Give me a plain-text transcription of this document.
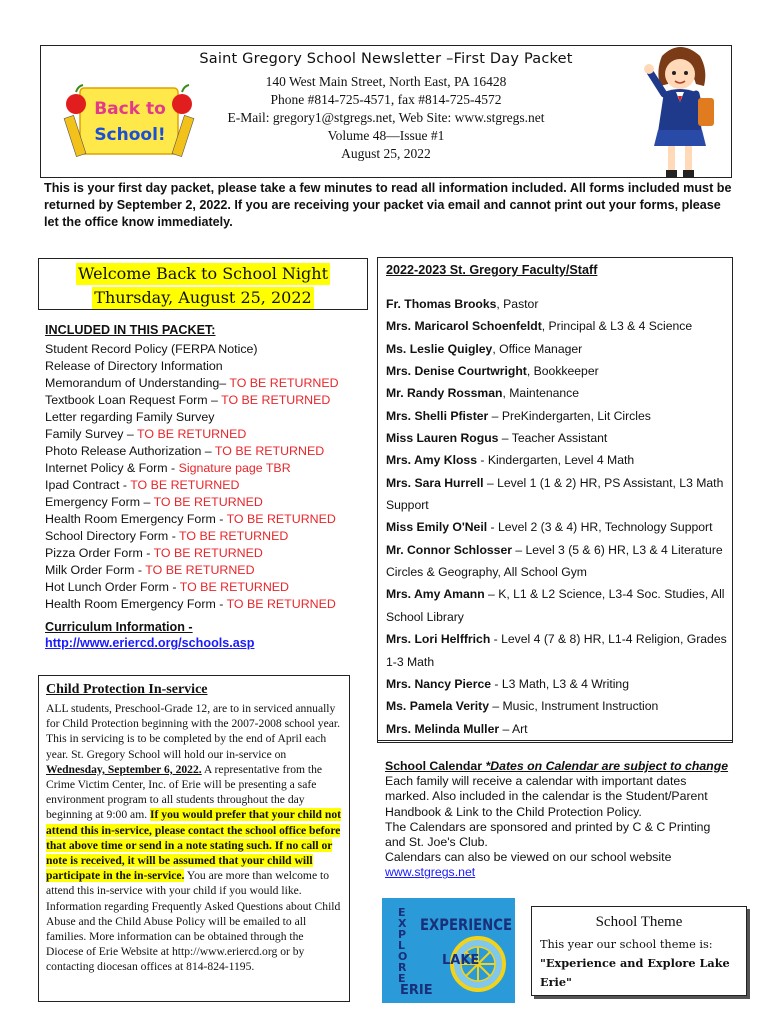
Saint Gregory School Newsletter –First Day Packet
140 West Main Street, North East, PA 16428
Phone #814-725-4571, fax #814-725-4572
E-Mail: gregory1@stgregs.net, Web Site: www.stgregs.net
Volume 48—Issue #1
August 25, 2022
Back to
School!
This is your first day packet, please take a few minutes to read all information included. All forms included must be returned by September 2, 2022. If you are receiving your packet via email and cannot print out your forms, please let the office know immediately.
Welcome Back to School Night
Thursday, August 25, 2022
INCLUDED IN THIS PACKET:
Student Record Policy (FERPA Notice)
Release of Directory Information
Memorandum of Understanding– TO BE RETURNED
Textbook Loan Request Form – TO BE RETURNED
Letter regarding Family Survey
Family Survey – TO BE RETURNED
Photo Release Authorization – TO BE RETURNED
Internet Policy & Form - Signature page TBR
Ipad Contract - TO BE RETURNED
Emergency Form – TO BE RETURNED
Health Room Emergency Form - TO BE RETURNED
School Directory Form - TO BE RETURNED
Pizza Order Form - TO BE RETURNED
Milk Order Form - TO BE RETURNED
Hot Lunch Order Form - TO BE RETURNED
Health Room Emergency Form - TO BE RETURNED
Curriculum Information -
http://www.eriercd.org/schools.asp
Child Protection In-service
ALL students, Preschool-Grade 12, are to in serviced annually for Child Protection beginning with the 2007-2008 school year. This in servicing is to be completed by the end of April each year. St. Gregory School will hold our in-service on Wednesday, September 6, 2022. A representative from the Crime Victim Center, Inc. of Erie will be presenting a safe environment program to all students throughout the day beginning at 9:00 am. If you would prefer that your child not attend this in-service, please contact the school office before that above time or send in a note stating such. If no call or note is received, it will be assumed that your child will participate in the in-service. You are more than welcome to attend this in-service with your child if you would like.
Information regarding Frequently Asked Questions about Child Abuse and the Child Abuse Policy will be emailed to all families. More information can be obtained through the Diocese of Erie Website at http://www.eriercd.org or by contacting diocesan offices at 814-824-1195.
2022-2023 St. Gregory Faculty/Staff
Fr. Thomas Brooks, Pastor
Mrs. Maricarol Schoenfeldt, Principal & L3 & 4 Science
Ms. Leslie Quigley, Office Manager
Mrs. Denise Courtwright, Bookkeeper
Mr. Randy Rossman, Maintenance
Mrs. Shelli Pfister – PreKindergarten, Lit Circles
Miss Lauren Rogus – Teacher Assistant
Mrs. Amy Kloss - Kindergarten, Level 4 Math
Mrs. Sara Hurrell – Level 1 (1 & 2) HR, PS Assistant, L3 Math Support
Miss Emily O'Neil - Level 2 (3 & 4) HR, Technology Support
Mr. Connor Schlosser – Level 3 (5 & 6) HR, L3 & 4 Literature Circles & Geography, All School Gym
Mrs. Amy Amann – K, L1 & L2 Science, L3-4 Soc. Studies, All School Library
Mrs. Lori Helffrich - Level 4 (7 & 8) HR, L1-4 Religion, Grades 1-3 Math
Mrs. Nancy Pierce - L3 Math, L3 & 4 Writing
Ms. Pamela Verity – Music, Instrument Instruction
Mrs. Melinda Muller – Art
School Calendar *Dates on Calendar are subject to change
Each family will receive a calendar with important dates marked. Also included in the calendar is the Student/Parent Handbook & Link to the Child Protection Policy.
The Calendars are sponsored and printed by C & C Printing and St. Joe's Club.
Calendars can also be viewed on our school website
www.stgregs.net
EXPERIENCE
LAKE
ERIE
E X P L O R E
School Theme
This year our school theme is:
"Experience and Explore Lake Erie"
